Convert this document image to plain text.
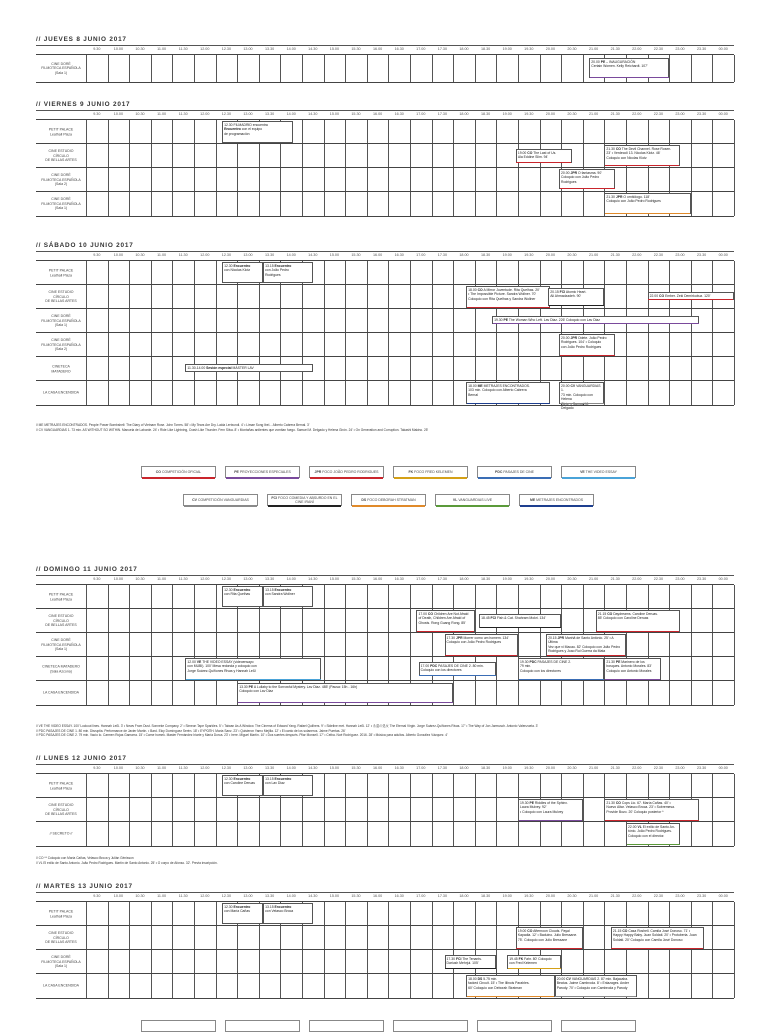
// JUEVES 8 JUNIO 2017
9.30	10.00	10.30	11.00	11.30	12.00	12.30	13.00	13.30	14.00	14.30	15.00	15.30	16.00	16.30	17.00	17.30	18.00	18.30	19.00	19.30	20.00	20.30	21.00	21.30	22.00	22.30	23.00	23.30	00.00
CINE DORÉ
FILMOTECA ESPAÑOLA
(Sala 1)
20.00 PE – INAUGURACIÓN
Certain Women. Kelly Reichardt. 107'
// VIERNES 9 JUNIO 2017
9.30	10.00	10.30	11.00	11.30	12.00	12.30	13.00	13.30	14.00	14.30	15.00	15.30	16.00	16.30	17.00	17.30	18.00	18.30	19.00	19.30	20.00	20.30	21.00	21.30	22.00	22.30	23.00	23.30	00.00
PETIT PALACE
Leathall Plaza
12.30 FILMADRID encuentra
Encuentro con el equipo
de programación
CINE ESTUDIO
CÍRCULO
DE BELLAS ARTES
19.00 CO The Last of Us.
Ala Eddine Slim. 94'
21.30 CO The Devil Channel. Rose Rosen.
23' • Verdecoli 13. Nicolas Klotz. 46'
Coloquio con Nicolas Klotz
CINE DORÉ
FILMOTECA ESPAÑOLA
(Sala 2)
20.00 JPR O fantasma. 90'
Coloquio con João Pedro
Rodrigues
CINE DORÉ
FILMOTECA ESPAÑOLA
(Sala 1)
21.30 JPR O ornitólogo. 118'
Coloquio con João Pedro Rodrigues
// SÁBADO 10 JUNIO 2017
9.30	10.00	10.30	11.00	11.30	12.00	12.30	13.00	13.30	14.00	14.30	15.00	15.30	16.00	16.30	17.00	17.30	18.00	18.30	19.00	19.30	20.00	20.30	21.00	21.30	22.00	22.30	23.00	23.30	00.00
PETIT PALACE
Leathall Plaza
12.30 Encuentro
con Nicolas Klotz
13.15 Encuentro
con João Pedro
Rodrigues
CINE ESTUDIO
CÍRCULO
DE BELLAS ARTES
18.00 CO A Mirror Juventude. Rita Quelhas. 20'
• The Impossible Picture. Sandra Wollner. 70'
Coloquio con Rita Quelhas y Sandra Wollner
20.15 FCI Atomic Heart.
Ali Ahmadzadeh. 90'	22.00 CO Ember. Zeki Demirkubuz. 120'
CINE DORÉ
FILMOTECA ESPAÑOLA
(Sala 1)
19.30 PE The Woman Who Left. Lav Diaz. 226' Coloquio con Lav Diaz
CINE DORÉ
FILMOTECA ESPAÑOLA
(Sala 2)
20.00 JPR Odete. João Pedro
Rodrigues. 104' • Coloquio
con João Pedro Rodrigues
CINETECA
MATADERO
11.30-14.00 Sesión especial MÁSTER LAV
LA CASA ENCENDIDA
18.00 ME METRAJES ENCONTRADOS.
103 min. Coloquio con Alberto Cabrera
Bernal
20.00 CV VANGUARDIAS 1.
73 min. Coloquio con Helena
Delgado
// ME METRAJES ENCONTRADOS. People Power Bombshell: The Diary of Vietnam Rose. John Torres. 58' • My Tears Are Dry. Laida Lertxundi. 4' • Limae Song Ibel... Alberto Cabrera Bernal. 3'
// CV VANGUARDIAS 1. 73 min. AS WITHOUT SO WITHIN. Manuela de Laborde. 24' • Ride Like Lightning, Crash Like Thunder. Fern Silva. 8' • Montañas ardientes que vomitan fuego. Samuel M. Delgado y Helena Girón. 24' • On Generation and Corruption. Takashi Makino. 25'
// DOMINGO 11 JUNIO 2017
9.30	10.00	10.30	11.00	11.30	12.00	12.30	13.00	13.30	14.00	14.30	15.00	15.30	16.00	16.30	17.00	17.30	18.00	18.30	19.00	19.30	20.00	20.30	21.00	21.30	22.00	22.30	23.00	23.30	00.00
PETIT PALACE
Leathall Plaza
12.30 Encuentro
con Rita Quelhas
13.15 Encuentro
con Sandra Wollner
CINE ESTUDIO
CÍRCULO
DE BELLAS ARTES
17.00 CO Children Are Not Afraid
of Death, Children Are Afraid of
Ghosts. Rong Guang Rong. 85'
18.45 FCI Fish & Cat. Shahram Mokri. 134'
21.15 CO Daydreams. Caroline Deruas.
85' Coloquio con Caroline Deruas
CINE DORÉ
FILMOTECA ESPAÑOLA
(Sala 1)
17.30 JPR Morrer como um homem. 134'
Coloquio con João Pedro Rodrigues
20.15 JPR Manhã de Santo António. 25' • A Última
Vez que vi Macau. 82' Coloquio con João Pedro
Rodrigues y Joao Rui Guerra da Mata
CINETECA MATADERO
(Sala Azcona)
12.00 VE THE VIDEO ESSAY (videoensayo
con MUBI). 100' Mesa redonda y coloquio con
Jorge Suárez-Quiñones Rivas y Hannah Leßl
17.00 PDC PASAJES DE CINE 2. 80 min.
Coloquio con los directores
19.30 PDC PASAJES DE CINE 2.
79 min.
Coloquio con los directores
21.30 PE Marinero de los
bosques. Antonio Morales. 83'
Coloquio con Antonio Morales
LA CASA ENCENDIDA
13.30 PE A Lullaby to the Sorrowful Mystery. Lav Diaz. 485' (Pausa: 15h - 16h)
Coloquio con Lav Diaz
// VE THE VIDEO ESSAY. 100' Lockout lines. Hannah Leßl. 3' • News From Dust. Sonneke Company. 2' • Simeon Tape Sparkles. 5' • Taiwan As A Window. The Cinema of Edward Yang. Rafael Quilhers. 9' • Sideline met. Hannah Leßl. 12' • 永遠の処女 The Eternal Virgin. Jorge Suárez-Quiñones Rivas. 17' • The Way of Jon Jarmusch. Antonio Valenzuela. 3'
// PDC PASAJES DE CINE 1. 80 min. Disruptia. Performance de Javier Martín. • Bard. Eloy Domínguez Serén. 18' • EYPΩΠH. María Sanz. 23' • Quisieron Yamo Mejilla. 12' • El canto de los solaneros. Jaime Puertas. 26'
// PDC PASAJES DE CINE 2. 79 min. Vacío lo. Carmen Rojas Gamarra. 15' • Carne homek. Master Fernández Iriarte y María Dorca. 23' • Irere. Miguel Martín. 10' • Dos suertes después. Pilar Monsell. 17' • Ceiba. Noé Rodríguez. 2016. 28' • Música para adultos. Alberto González Vázquez. 4'
// LUNES 12 JUNIO 2017
9.30	10.00	10.30	11.00	11.30	12.00	12.30	13.00	13.30	14.00	14.30	15.00	15.30	16.00	16.30	17.00	17.30	18.00	18.30	19.00	19.30	20.00	20.30	21.00	21.30	22.00	22.30	23.00	23.30	00.00
PETIT PALACE
Leathall Plaza
12.30 Encuentro
con Caroline Deruas
13.15 Encuentro
con Lav Diaz
CINE ESTUDIO
CÍRCULO
DE BELLAS ARTES
19.30 PE Riddles of the Sphinx.
Laura Mulvey. 92'
• Coloquio con Laura Mulvey
21.30 CO Cops Lio. 67. María Cañas. 40' •
Nuevo Altar. Velasco Broca. 23' • Sobremesa.
Provide Bozo. 20' Coloquio posterior *
// SECRETO //
22.00 VL El exilio de Santo An-
tónio. João Pedro Rodrigues.
Coloquio con el director.
// CO ** Coloquio con María Cañas, Velasco Broca y Julián Génisson
// VL El exilio de Santo Antonio. João Pedro Rodrigues. Martín de Santo Antonio. 25' • O corpo de Afonso. 32'. Previa inscripción.
// MARTES 13 JUNIO 2017
9.30	10.00	10.30	11.00	11.30	12.00	12.30	13.00	13.30	14.00	14.30	15.00	15.30	16.00	16.30	17.00	17.30	18.00	18.30	19.00	19.30	20.00	20.30	21.00	21.30	22.00	22.30	23.00	23.30	00.00
PETIT PALACE
Leathall Plaza
12.30 Encuentro
con María Cañas
13.15 Encuentro
con Velasco Broca
CINE ESTUDIO
CÍRCULO
DE BELLAS ARTES
19.00 CO Afternoon Clouds. Payal
Kapadia. 12' • Baduino. Julio Bressane.
75'. Coloquio con Julio Bressane
21.15 CO Casa Roshell. Camila José Donoso. 71' •
Happy Happy Baby. Juan Soldati. 20' • Protuberia. Juan
Soldati. 20' Coloquio con Camila José Donoso
CINE DORÉ
FILMOTECA ESPAÑOLA
(Sala 1)
17.30 FCI The Tenants.
Dariush Mehrjui. 105'
19.45 FK Fahr. 80' Coloquio
con Fred Kelemen
LA CASA ENCENDIDA
18.00 DS 5.75 min.
facked Circuit. 15' • The Illinois Parables.
60' Coloquio con Deborah Stratman
20.00 CV VANGUARDIAS 2. 87 min. Bajacaba.
Beatus. Jaime Cambroda. 8' • Enlazages. Ander
Parody. 70' • Coloquio con Cambroda y Parody
CO COMPETICIÓN OFICIAL	PE PROYECCIONES ESPECIALES	JPR FOCO JOÃO PEDRO RODRIGUES	FK FOCO FRED KELEMEN	PDC PASAJES DE CINE	VE THE VIDEO ESSAY
CV COMPETICIÓN VANGUARDIAS	FCI FOCO COMEDIA Y ABSURDO EN EL CINE IRANÍ	DS FOCO DEBORAH STRATMAN	VL VANGUARDIAS LIVE	ME METRAJES ENCONTRADOS
